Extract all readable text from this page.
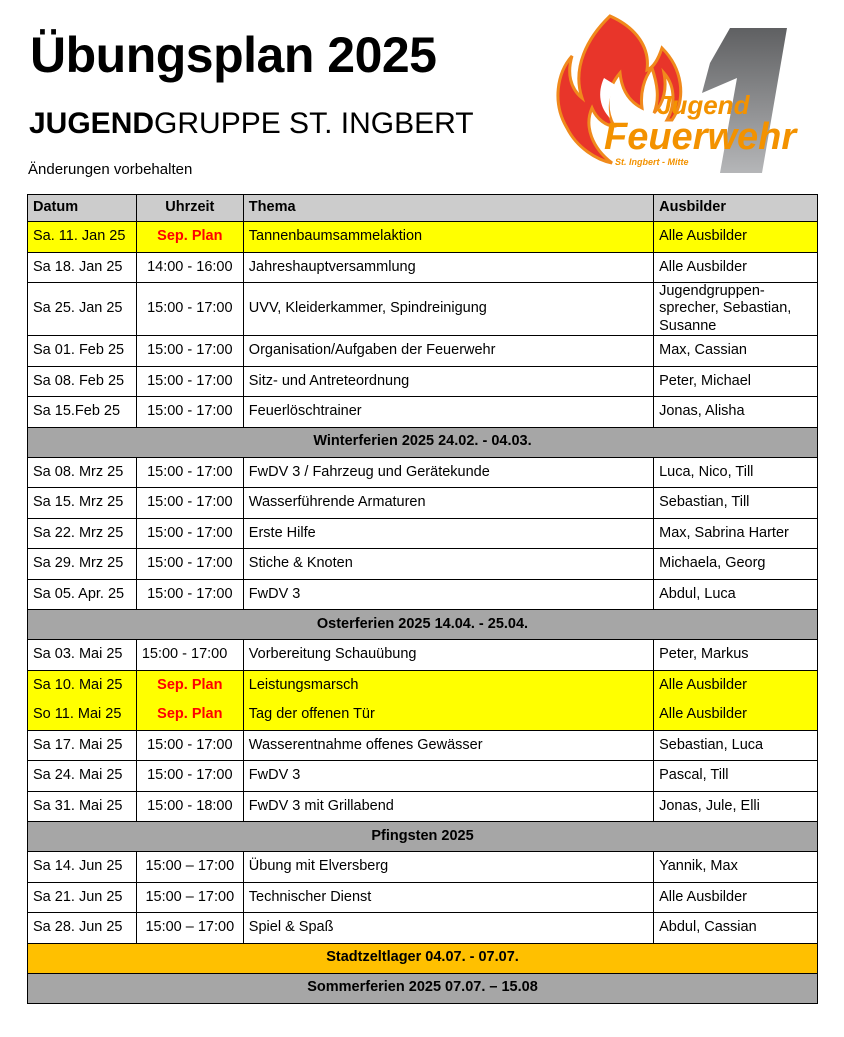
Übungsplan 2025
JUGENDGRUPPE ST. INGBERT
Änderungen vorbehalten
Jugend
Feuerwehr
St. Ingbert - Mitte
Datum	Uhrzeit	Thema	Ausbilder
Sa. 11. Jan 25	Sep. Plan	Tannenbaumsammelaktion	Alle Ausbilder
Sa 18. Jan 25	14:00 - 16:00	Jahreshauptversammlung	Alle Ausbilder
Sa 25. Jan 25	15:00 - 17:00	UVV, Kleiderkammer, Spindreinigung	Jugendgruppen-sprecher, Sebastian, Susanne
Sa 01. Feb 25	15:00 - 17:00	Organisation/Aufgaben der Feuerwehr	Max, Cassian
Sa 08. Feb 25	15:00 - 17:00	Sitz- und Antreteordnung	Peter, Michael
Sa 15.Feb 25	15:00 - 17:00	Feuerlöschtrainer	Jonas, Alisha
Winterferien 2025 24.02. - 04.03.			
Sa 08. Mrz 25	15:00 - 17:00	FwDV 3 / Fahrzeug und Gerätekunde	Luca, Nico, Till
Sa 15. Mrz 25	15:00 - 17:00	Wasserführende Armaturen	Sebastian, Till
Sa 22. Mrz 25	15:00 - 17:00	Erste Hilfe	Max, Sabrina Harter
Sa 29. Mrz 25	15:00 - 17:00	Stiche & Knoten	Michaela, Georg
Sa 05. Apr. 25	15:00 - 17:00	FwDV 3	Abdul, Luca
Osterferien 2025 14.04. - 25.04.			
Sa 03. Mai 25	15:00 - 17:00	Vorbereitung Schauübung	Peter, Markus
Sa 10. Mai 25	Sep. Plan	Leistungsmarsch	Alle Ausbilder
So 11. Mai 25	Sep. Plan	Tag der offenen Tür	Alle Ausbilder
Sa 17. Mai 25	15:00 - 17:00	Wasserentnahme offenes Gewässer	Sebastian, Luca
Sa 24. Mai 25	15:00 - 17:00	FwDV 3	Pascal, Till
Sa 31. Mai 25	15:00 - 18:00	FwDV 3 mit Grillabend	Jonas, Jule, Elli
Pfingsten 2025			
Sa 14. Jun 25	15:00 – 17:00	Übung mit Elversberg	Yannik, Max
Sa 21. Jun 25	15:00 – 17:00	Technischer Dienst	Alle Ausbilder
Sa 28. Jun 25	15:00 – 17:00	Spiel & Spaß	Abdul, Cassian
Stadtzeltlager 04.07. - 07.07.			
Sommerferien 2025 07.07. – 15.08			
